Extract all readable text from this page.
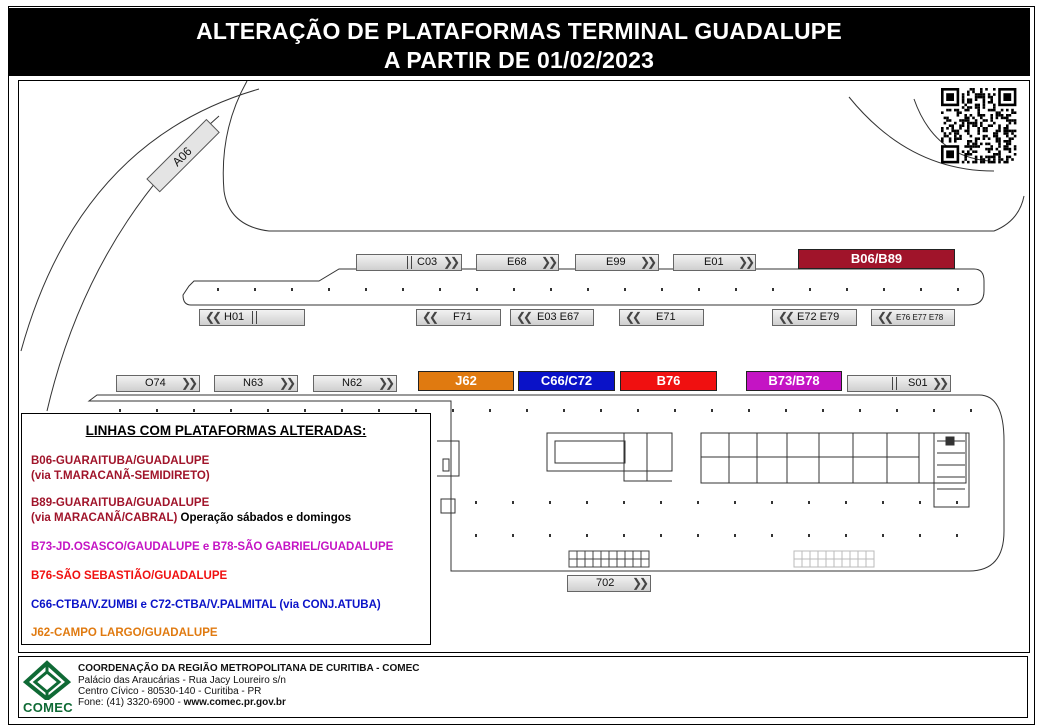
ALTERAÇÃO DE PLATAFORMAS TERMINAL GUADALUPE
A PARTIR DE 01/02/2023
A06
C03 ❯❯	E68 ❯❯	E99 ❯❯	E01 ❯❯	B06/B89
❮❮ H01	❮❮ F71	❮❮ E03 E67	❮❮ E71	❮❮ E72 E79	❮❮ E76 E77 E78
O74 ❯❯	N63 ❯❯	N62 ❯❯	J62	C66/C72	B76	B73/B78	S01 ❯❯
702 ❯❯
LINHAS COM PLATAFORMAS ALTERADAS:
B06-GUARAITUBA/GUADALUPE
(via T.MARACANÃ-SEMIDIRETO)
B89-GUARAITUBA/GUADALUPE
(via MARACANÃ/CABRAL) Operação sábados e domingos
B73-JD.OSASCO/GAUDALUPE e B78-SÃO GABRIEL/GUADALUPE
B76-SÃO SEBASTIÃO/GUADALUPE
C66-CTBA/V.ZUMBI e C72-CTBA/V.PALMITAL (via CONJ.ATUBA)
J62-CAMPO LARGO/GUADALUPE
COMEC
COORDENAÇÃO DA REGIÃO METROPOLITANA DE CURITIBA - COMEC
Palácio das Araucárias - Rua Jacy Loureiro s/n
Centro Cívico - 80530-140 - Curitiba - PR
Fone: (41) 3320-6900 - www.comec.pr.gov.br
